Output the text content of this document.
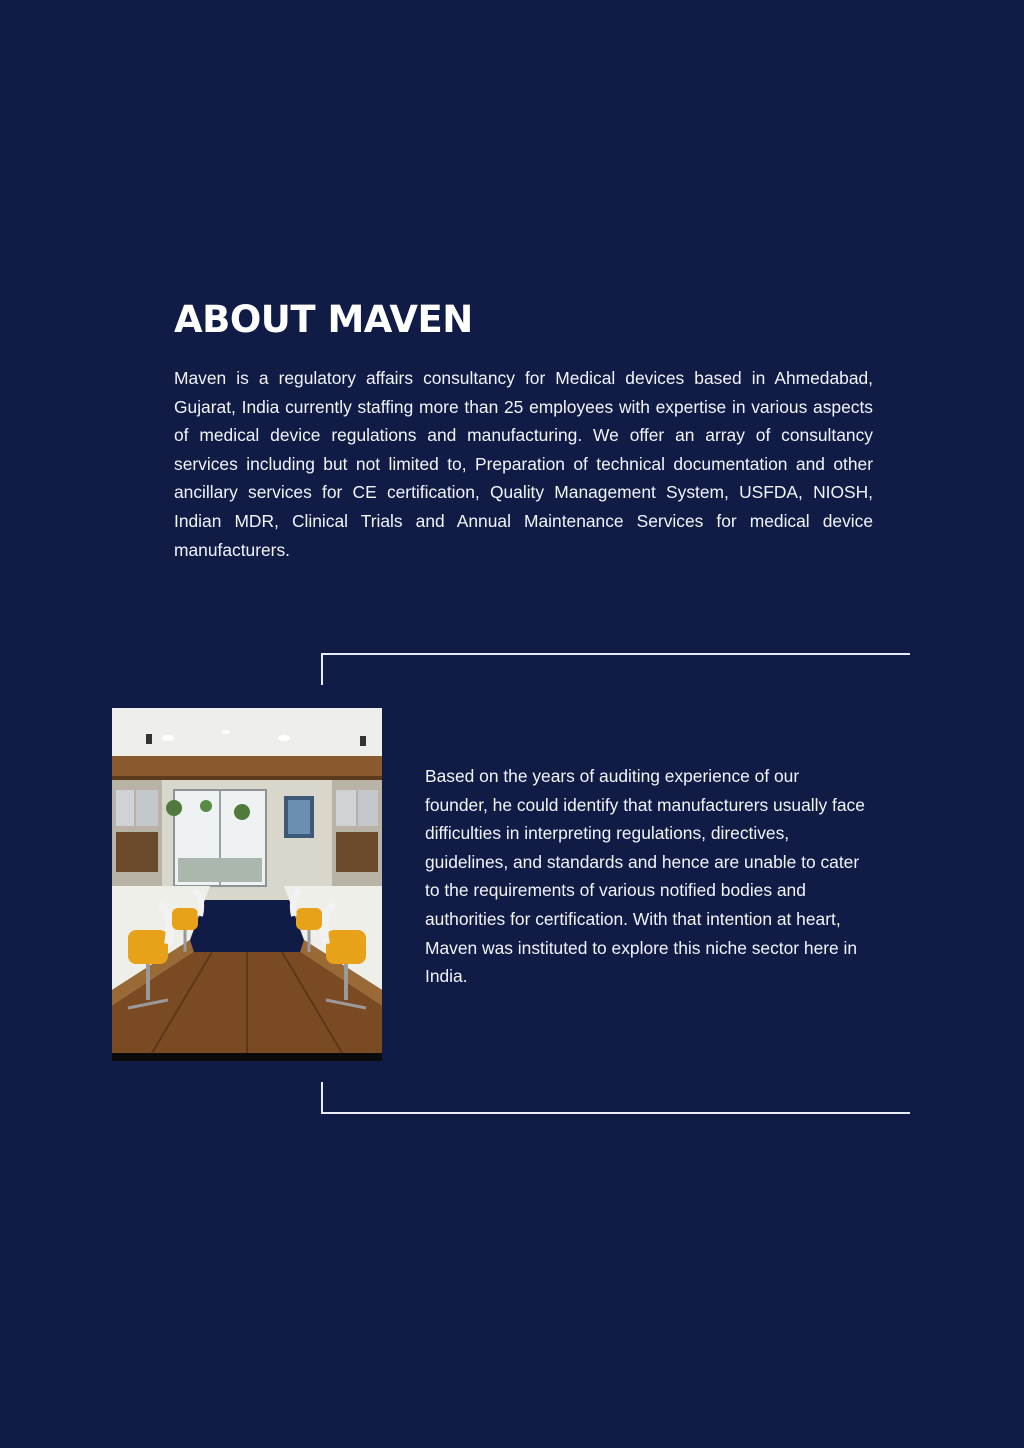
ABOUT MAVEN

Maven is a regulatory affairs consultancy for Medical devices based in Ahmedabad, Gujarat, India currently staffing more than 25 employees with expertise in various aspects of medical device regulations and manufacturing. We offer an array of consultancy services including but not limited to, Preparation of technical documentation and other ancillary services for CE certification, Quality Management System, USFDA, NIOSH, Indian MDR, Clinical Trials and Annual Maintenance Services for medical device manufacturers.

Based on the years of auditing experience of our founder, he could identify that manufacturers usually face difficulties in interpreting regulations, directives, guidelines, and standards and hence are unable to cater to the requirements of various notified bodies and authorities for certification. With that intention at heart, Maven was instituted to explore this niche sector here in India.
